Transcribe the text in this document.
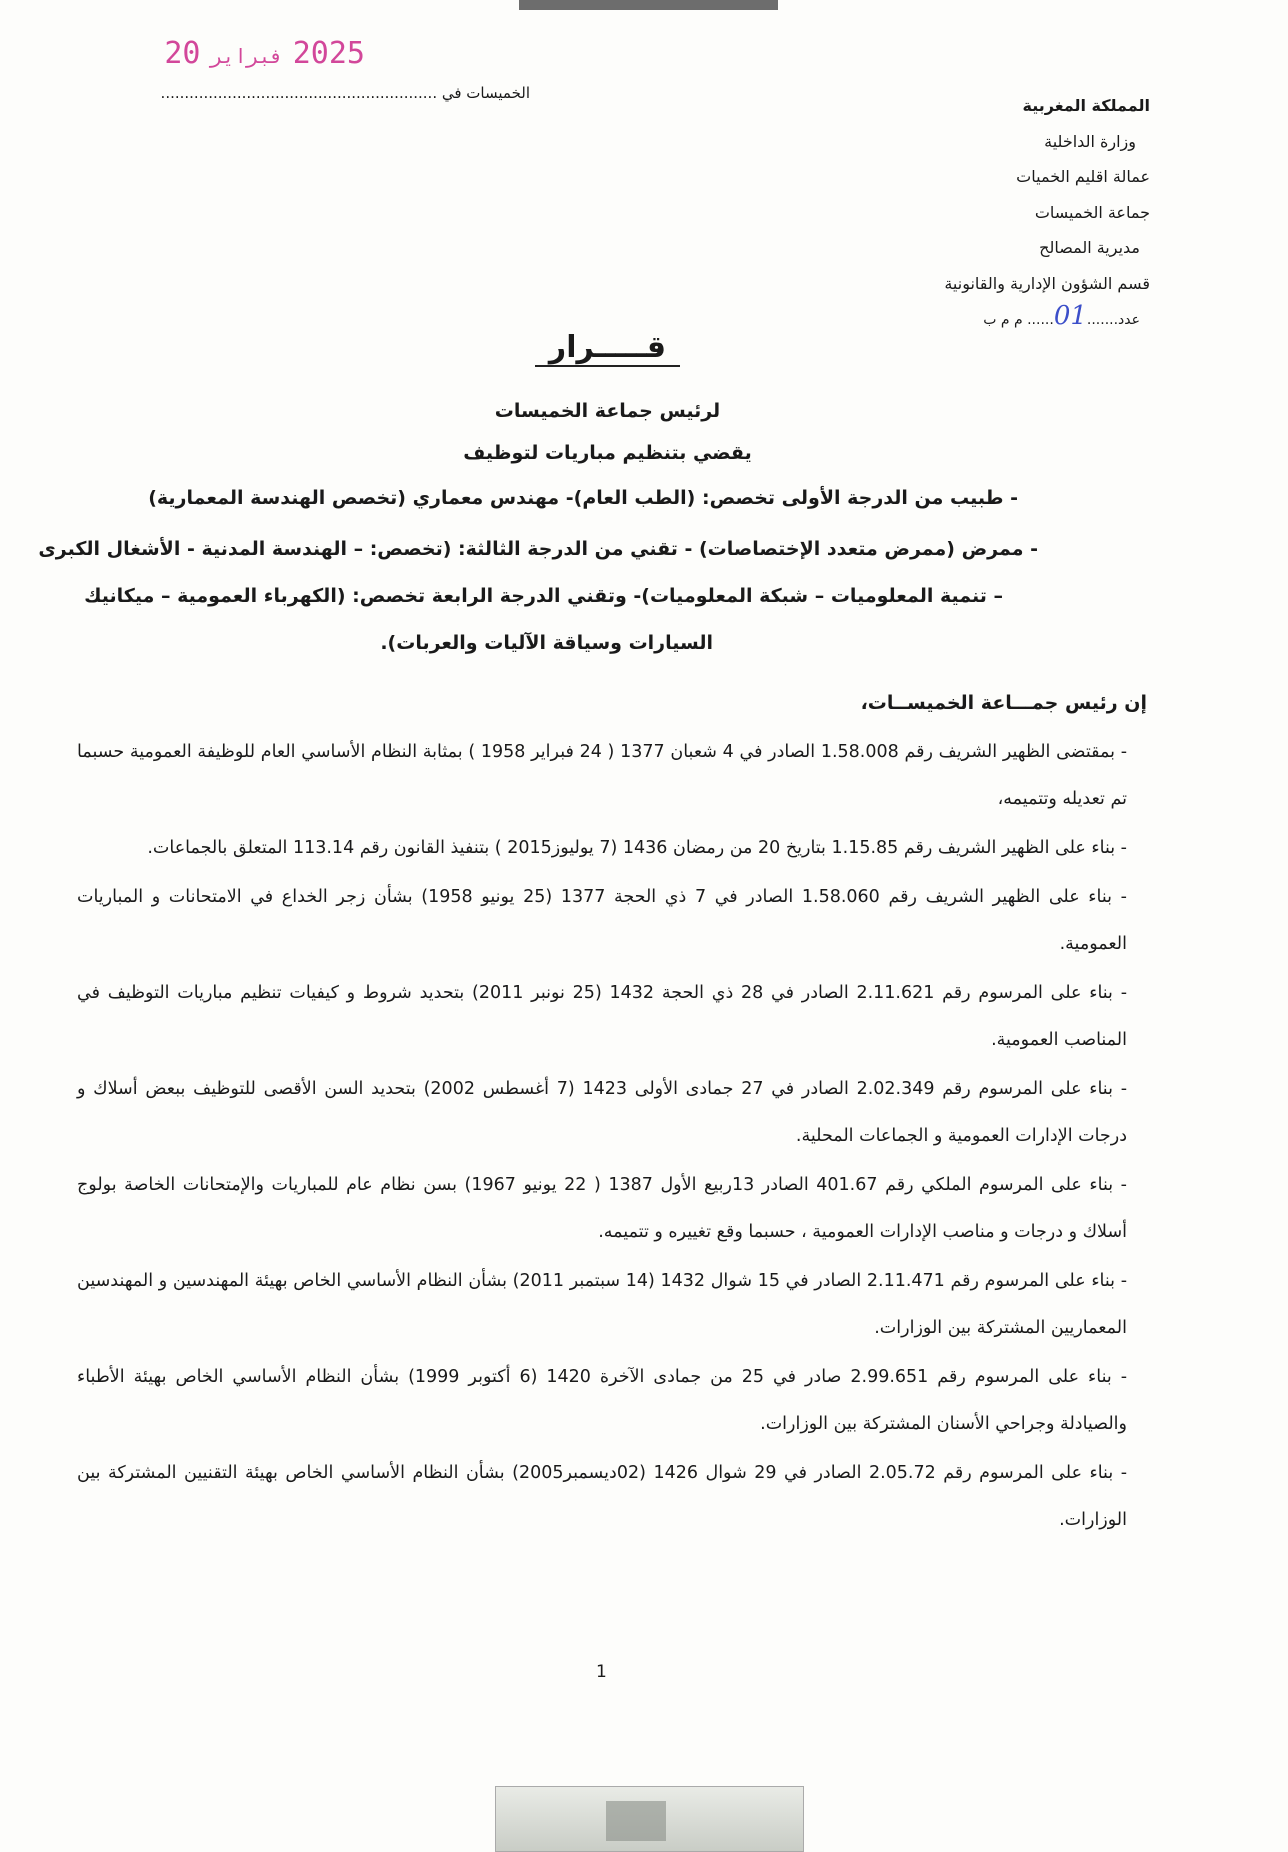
2025فبراير20
الخميسات في ..........................................................
المملكة المغربية
وزارة الداخلية
عمالة اقليم الخميات
جماعة الخميسات
مديرية المصالح
قسم الشؤون الإدارية والقانونية
عدد.......01...... م م ب
قـــــرار
لرئيس جماعة الخميسات
يقضي بتنظيم مباريات لتوظيف
- طبيب من الدرجة الأولى تخصص: (الطب العام)- مهندس معماري (تخصص الهندسة المعمارية)
- ممرض (ممرض متعدد الإختصاصات) - تقني من الدرجة الثالثة: (تخصص: – الهندسة المدنية - الأشغال الكبرى
– تنمية المعلوميات – شبكة المعلوميات)- وتقني الدرجة الرابعة تخصص: (الكهرباء العمومية – ميكانيك
السيارات وسياقة الآليات والعربات).

إن رئيس جمـــاعة الخميســات،

- بمقتضى الظهير الشريف رقم 1.58.008 الصادر في 4 شعبان 1377 ( 24 فبراير 1958 ) بمثابة النظام الأساسي العام للوظيفة العمومية حسبما تم تعديله وتتميمه،

- بناء على الظهير الشريف رقم 1.15.85 بتاريخ 20 من رمضان 1436 (7 يوليوز2015 ) بتنفيذ القانون رقم 113.14 المتعلق بالجماعات.

- بناء على الظهير الشريف رقم 1.58.060 الصادر في 7 ذي الحجة 1377 (25 يونيو 1958) بشأن زجر الخداع في الامتحانات و المباريات العمومية.

- بناء على المرسوم رقم 2.11.621 الصادر في 28 ذي الحجة 1432 (25 نونبر 2011) بتحديد شروط و كيفيات تنظيم مباريات التوظيف في المناصب العمومية.

- بناء على المرسوم رقم 2.02.349 الصادر في 27 جمادى الأولى 1423 (7 أغسطس 2002) بتحديد السن الأقصى للتوظيف ببعض أسلاك و درجات الإدارات العمومية و الجماعات المحلية.

- بناء على المرسوم الملكي رقم 401.67 الصادر 13ربيع الأول 1387 ( 22 يونيو 1967) بسن نظام عام للمباريات والإمتحانات الخاصة بولوج أسلاك و درجات و مناصب الإدارات العمومية ، حسبما وقع تغييره و تتميمه.

- بناء على المرسوم رقم 2.11.471 الصادر في 15 شوال 1432 (14 سبتمبر 2011) بشأن النظام الأساسي الخاص بهيئة المهندسين و المهندسين المعماريين المشتركة بين الوزارات.

- بناء على المرسوم رقم 2.99.651 صادر في 25 من جمادى الآخرة 1420 (6 أكتوبر 1999) بشأن النظام الأساسي الخاص بهيئة الأطباء والصيادلة وجراحي الأسنان المشتركة بين الوزارات.

- بناء على المرسوم رقم 2.05.72 الصادر في 29 شوال 1426 (02ديسمبر2005) بشأن النظام الأساسي الخاص بهيئة التقنيين المشتركة بين الوزارات.

1
